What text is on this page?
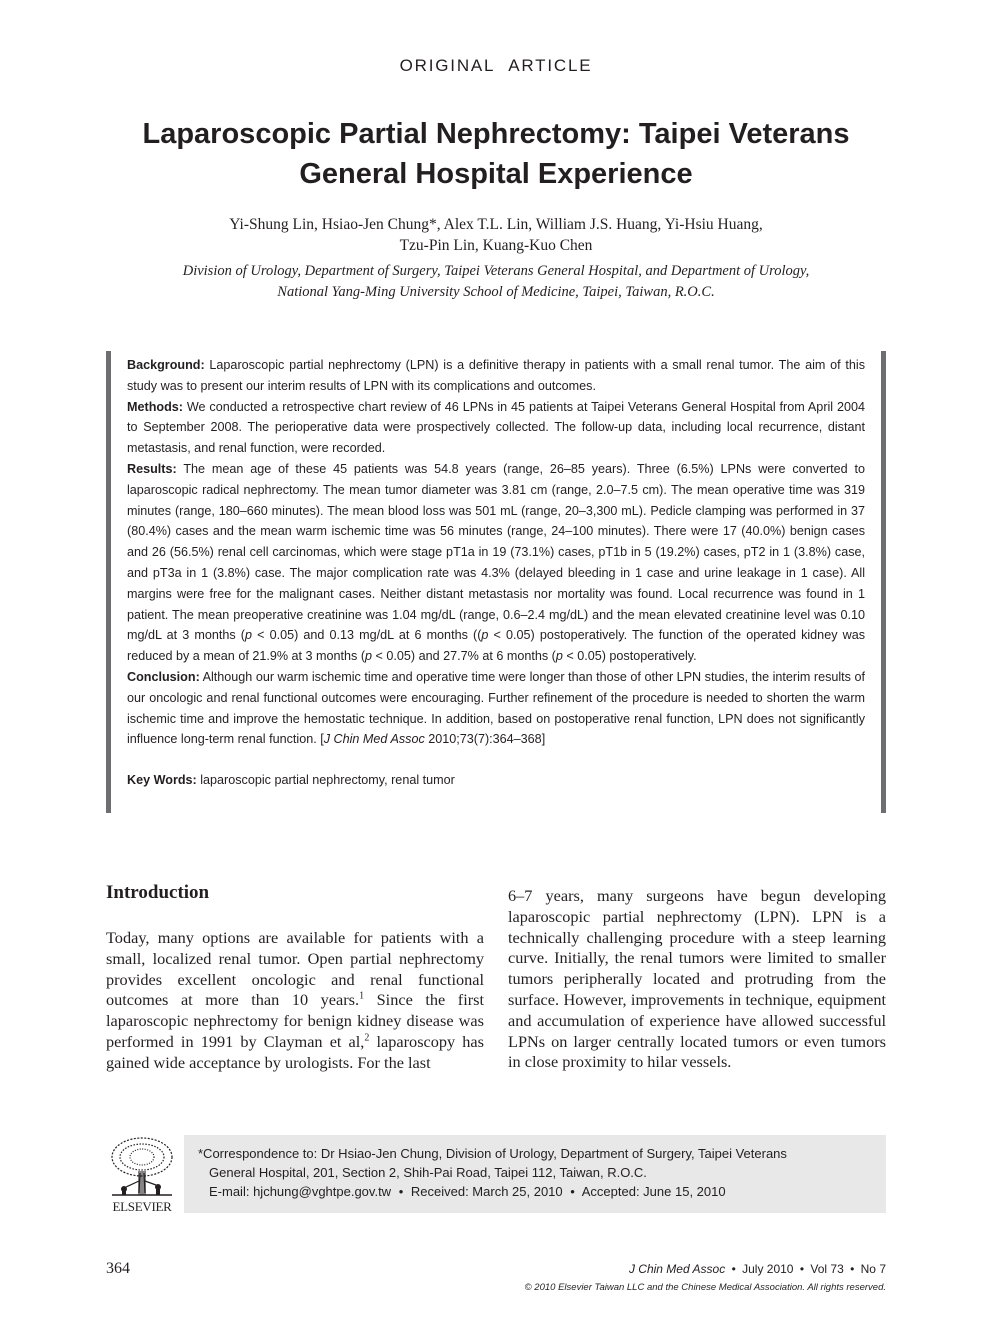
ORIGINAL ARTICLE
Laparoscopic Partial Nephrectomy: Taipei Veterans
General Hospital Experience
Yi-Shung Lin, Hsiao-Jen Chung*, Alex T.L. Lin, William J.S. Huang, Yi-Hsiu Huang,
Tzu-Pin Lin, Kuang-Kuo Chen
Division of Urology, Department of Surgery, Taipei Veterans General Hospital, and Department of Urology,
National Yang-Ming University School of Medicine, Taipei, Taiwan, R.O.C.

Background: Laparoscopic partial nephrectomy (LPN) is a definitive therapy in patients with a small renal tumor. The aim of this study was to present our interim results of LPN with its complications and outcomes.

Methods: We conducted a retrospective chart review of 46 LPNs in 45 patients at Taipei Veterans General Hospital from April 2004 to September 2008. The perioperative data were prospectively collected. The follow-up data, including local recurrence, distant metastasis, and renal function, were recorded.

Results: The mean age of these 45 patients was 54.8 years (range, 26–85 years). Three (6.5%) LPNs were converted to laparoscopic radical nephrectomy. The mean tumor diameter was 3.81 cm (range, 2.0–7.5 cm). The mean operative time was 319 minutes (range, 180–660 minutes). The mean blood loss was 501 mL (range, 20–3,300 mL). Pedicle clamping was performed in 37 (80.4%) cases and the mean warm ischemic time was 56 minutes (range, 24–100 minutes). There were 17 (40.0%) benign cases and 26 (56.5%) renal cell carcinomas, which were stage pT1a in 19 (73.1%) cases, pT1b in 5 (19.2%) cases, pT2 in 1 (3.8%) case, and pT3a in 1 (3.8%) case. The major complication rate was 4.3% (delayed bleeding in 1 case and urine leakage in 1 case). All margins were free for the malignant cases. Neither distant metastasis nor mortality was found. Local recurrence was found in 1 patient. The mean preoperative creatinine was 1.04 mg/dL (range, 0.6–2.4 mg/dL) and the mean elevated creatinine level was 0.10 mg/dL at 3 months (p < 0.05) and 0.13 mg/dL at 6 months ((p < 0.05) postoperatively. The function of the operated kidney was reduced by a mean of 21.9% at 3 months (p < 0.05) and 27.7% at 6 months (p < 0.05) postoperatively.

Conclusion: Although our warm ischemic time and operative time were longer than those of other LPN studies, the interim results of our oncologic and renal functional outcomes were encouraging. Further refinement of the procedure is needed to shorten the warm ischemic time and improve the hemostatic technique. In addition, based on postoperative renal function, LPN does not significantly influence long-term renal function. [J Chin Med Assoc 2010;73(7):364–368]

Key Words: laparoscopic partial nephrectomy, renal tumor

Introduction

Today, many options are available for patients with a small, localized renal tumor. Open partial nephrectomy provides excellent oncologic and renal functional outcomes at more than 10 years.$^1$ Since the first laparoscopic nephrectomy for benign kidney disease was performed in 1991 by Clayman et al,$^2$ laparoscopy has gained wide acceptance by urologists. For the last

6–7 years, many surgeons have begun developing laparoscopic partial nephrectomy (LPN). LPN is a technically challenging procedure with a steep learning curve. Initially, the renal tumors were limited to smaller tumors peripherally located and protruding from the surface. However, improvements in technique, equipment and accumulation of experience have allowed successful LPNs on larger centrally located tumors or even tumors in close proximity to hilar vessels.

ELSEVIER
*Correspondence to: Dr Hsiao-Jen Chung, Division of Urology, Department of Surgery, Taipei Veterans
General Hospital, 201, Section 2, Shih-Pai Road, Taipei 112, Taiwan, R.O.C.
E-mail: hjchung@vghtpe.gov.tw • Received: March 25, 2010 • Accepted: June 15, 2010
364	J Chin Med Assoc • July 2010 • Vol 73 • No 7
© 2010 Elsevier Taiwan LLC and the Chinese Medical Association. All rights reserved.
